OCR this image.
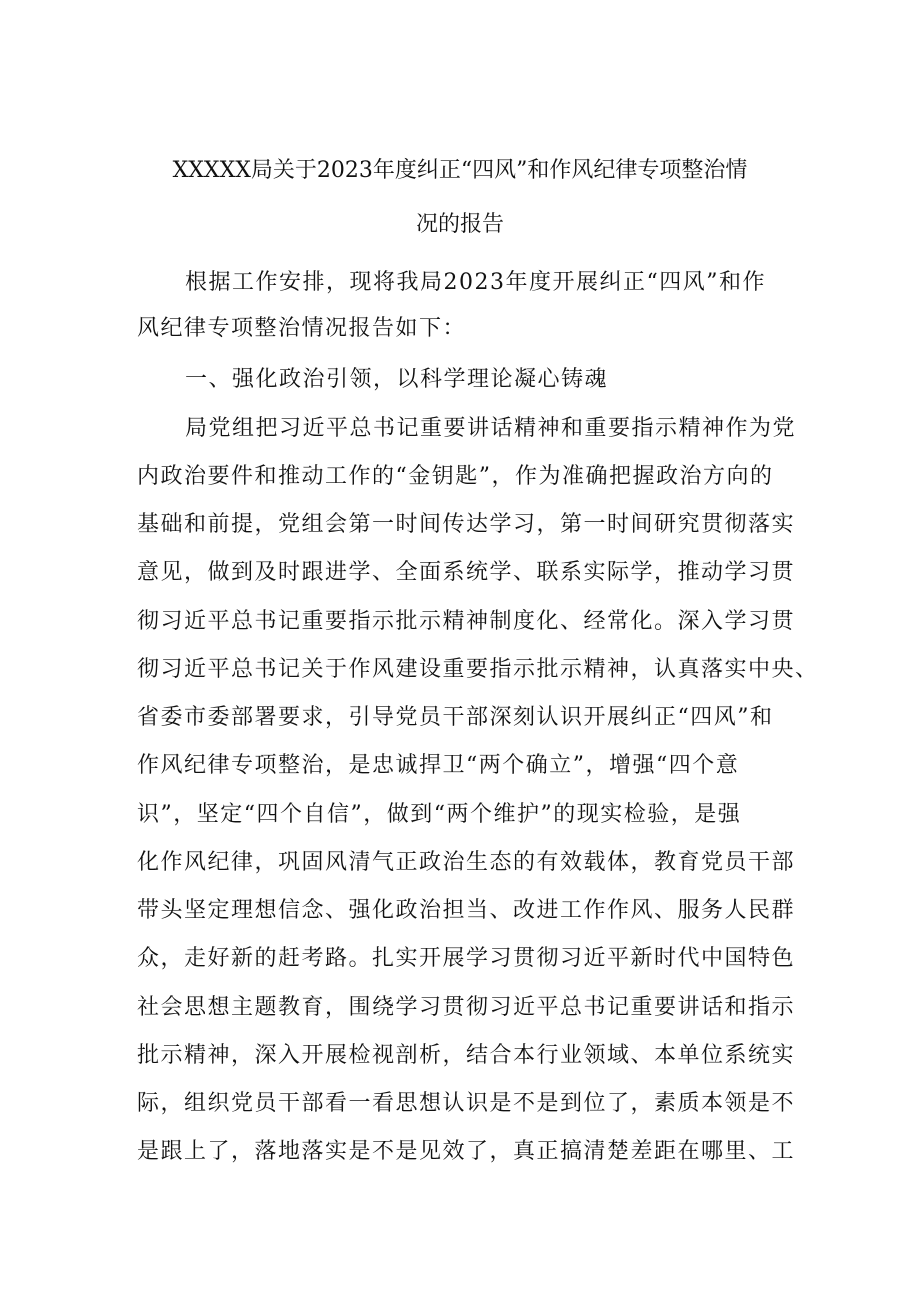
XXXXX局关于2023年度纠正“四风”和作风纪律专项整治情
况的报告
根据工作安排，现将我局2023年度开展纠正“四风”和作
风纪律专项整治情况报告如下：
一、强化政治引领，以科学理论凝心铸魂
局党组把习近平总书记重要讲话精神和重要指示精神作为党
内政治要件和推动工作的“金钥匙”，作为准确把握政治方向的
基础和前提，党组会第一时间传达学习，第一时间研究贯彻落实
意见，做到及时跟进学、全面系统学、联系实际学，推动学习贯
彻习近平总书记重要指示批示精神制度化、经常化。深入学习贯
彻习近平总书记关于作风建设重要指示批示精神，认真落实中央、
省委市委部署要求，引导党员干部深刻认识开展纠正“四风”和
作风纪律专项整治，是忠诚捍卫“两个确立”，增强“四个意
识”，坚定“四个自信”，做到“两个维护”的现实检验，是强
化作风纪律，巩固风清气正政治生态的有效载体，教育党员干部
带头坚定理想信念、强化政治担当、改进工作作风、服务人民群
众，走好新的赶考路。扎实开展学习贯彻习近平新时代中国特色
社会思想主题教育，围绕学习贯彻习近平总书记重要讲话和指示
批示精神，深入开展检视剖析，结合本行业领域、本单位系统实
际，组织党员干部看一看思想认识是不是到位了，素质本领是不
是跟上了，落地落实是不是见效了，真正搞清楚差距在哪里、工
